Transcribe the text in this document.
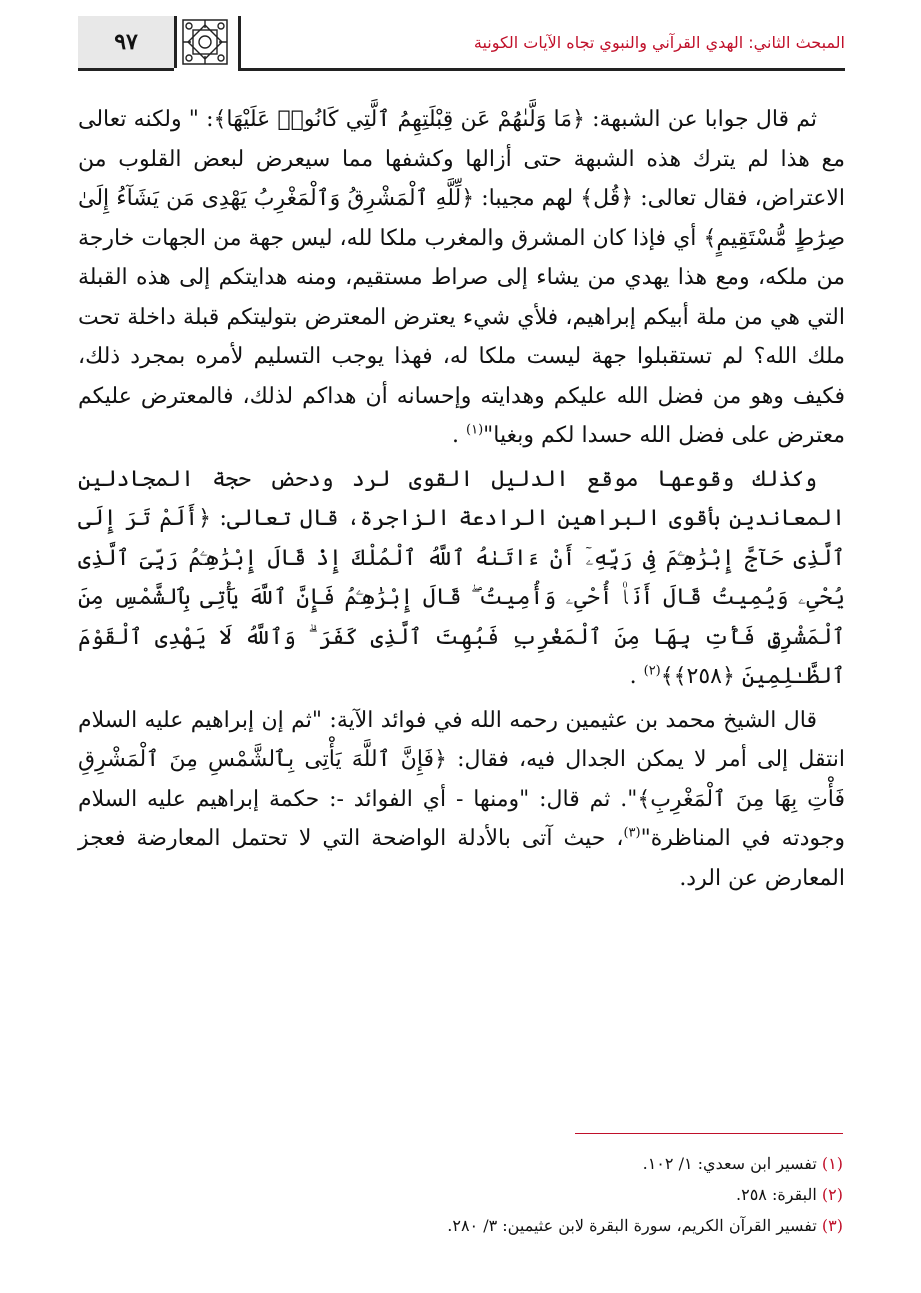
المبحث الثاني: الهدي القرآني والنبوي تجاه الآيات الكونية
٩٧

ثم قال جوابا عن الشبهة: ﴿مَا وَلَّىٰهُمْ عَن قِبْلَتِهِمُ ٱلَّتِي كَانُوا۟ عَلَيْهَا﴾: " ولكنه تعالى مع هذا لم يترك هذه الشبهة حتى أزالها وكشفها مما سيعرض لبعض القلوب من الاعتراض، فقال تعالى: ﴿قُل﴾ لهم مجيبا: ﴿لِّلَّهِ ٱلْمَشْرِقُ وَٱلْمَغْرِبُ يَهْدِى مَن يَشَآءُ إِلَىٰ صِرَٰطٍ مُّسْتَقِيمٍ﴾ أي فإذا كان المشرق والمغرب ملكا لله، ليس جهة من الجهات خارجة من ملكه، ومع هذا يهدي من يشاء إلى صراط مستقيم، ومنه هدايتكم إلى هذه القبلة التي هي من ملة أبيكم إبراهيم، فلأي شيء يعترض المعترض بتوليتكم قبلة داخلة تحت ملك الله؟ لم تستقبلوا جهة ليست ملكا له، فهذا يوجب التسليم لأمره بمجرد ذلك، فكيف وهو من فضل الله عليكم وهدايته وإحسانه أن هداكم لذلك، فالمعترض عليكم معترض على فضل الله حسدا لكم وبغيا"$^{(١)}$ .

وكذلك وقوعها موقع الدليل القوى لرد ودحض حجة المجادلين المعاندين بأقوى البراهين الرادعة الزاجرة، قال تعالى: ﴿أَلَمْ تَرَ إِلَى ٱلَّذِى حَآجَّ إِبْرَٰهِـۧمَ فِى رَبِّهِۦٓ أَنْ ءَاتَىٰهُ ٱللَّهُ ٱلْمُلْكَ إِذْ قَالَ إِبْرَٰهِـۧمُ رَبِّىَ ٱلَّذِى يُحْىِۦ وَيُمِيتُ قَالَ أَنَا۠ أُحْىِۦ وَأُمِيتُ ۖ قَالَ إِبْرَٰهِـۧمُ فَإِنَّ ٱللَّهَ يَأْتِى بِٱلشَّمْسِ مِنَ ٱلْمَشْرِقِ فَأْتِ بِهَا مِنَ ٱلْمَغْرِبِ فَبُهِتَ ٱلَّذِى كَفَرَ ۗ وَٱللَّهُ لَا يَهْدِى ٱلْقَوْمَ ٱلظَّـٰلِمِينَ ﴿٢٥٨﴾﴾$^{(٢)}$ .

قال الشيخ محمد بن عثيمين رحمه الله في فوائد الآية: "ثم إن إبراهيم عليه السلام انتقل إلى أمر لا يمكن الجدال فيه، فقال: ﴿فَإِنَّ ٱللَّهَ يَأْتِى بِٱلشَّمْسِ مِنَ ٱلْمَشْرِقِ فَأْتِ بِهَا مِنَ ٱلْمَغْرِبِ﴾". ثم قال: "ومنها - أي الفوائد -: حكمة إبراهيم عليه السلام وجودته في المناظرة"$^{(٣)}$، حيث آتى بالأدلة الواضحة التي لا تحتمل المعارضة فعجز المعارض عن الرد.

(١) تفسير ابن سعدي: ١/ ١٠٢.
(٢) البقرة: ٢٥٨.
(٣) تفسير القرآن الكريم، سورة البقرة لابن عثيمين: ٣/ ٢٨٠.
